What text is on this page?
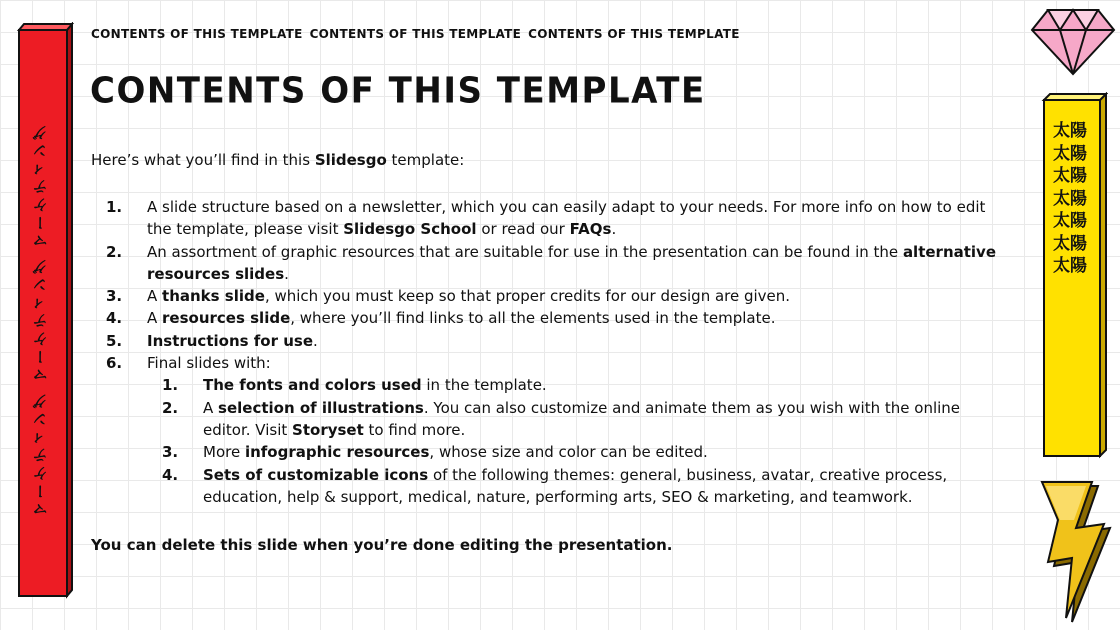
CONTENTS OF THIS TEMPLATE CONTENTS OF THIS TEMPLATE CONTENTS OF THIS TEMPLATE
CONTENTS OF THIS TEMPLATE
Here’s what you’ll find in this Slidesgo template:
1.	A slide structure based on a newsletter, which you can easily adapt to your needs. For more info on how to edit the template, please visit Slidesgo School or read our FAQs.
2.	An assortment of graphic resources that are suitable for use in the presentation can be found in the alternative resources slides.
3.	A thanks slide, which you must keep so that proper credits for our design are given.
4.	A resources slide, where you’ll find links to all the elements used in the template.
5.	Instructions for use.
6.	Final slides with:
1.	The fonts and colors used in the template.
2.	A selection of illustrations. You can also customize and animate them as you wish with the online editor. Visit Storyset to find more.
3.	More infographic resources, whose size and color can be edited.
4.	Sets of customizable icons of the following themes: general, business, avatar, creative process, education, help & support, medical, nature, performing arts, SEO & marketing, and teamwork.
You can delete this slide when you’re done editing the presentation.
マーケティング マーケティング マーケティング	太陽太陽太陽太陽太陽太陽太陽
